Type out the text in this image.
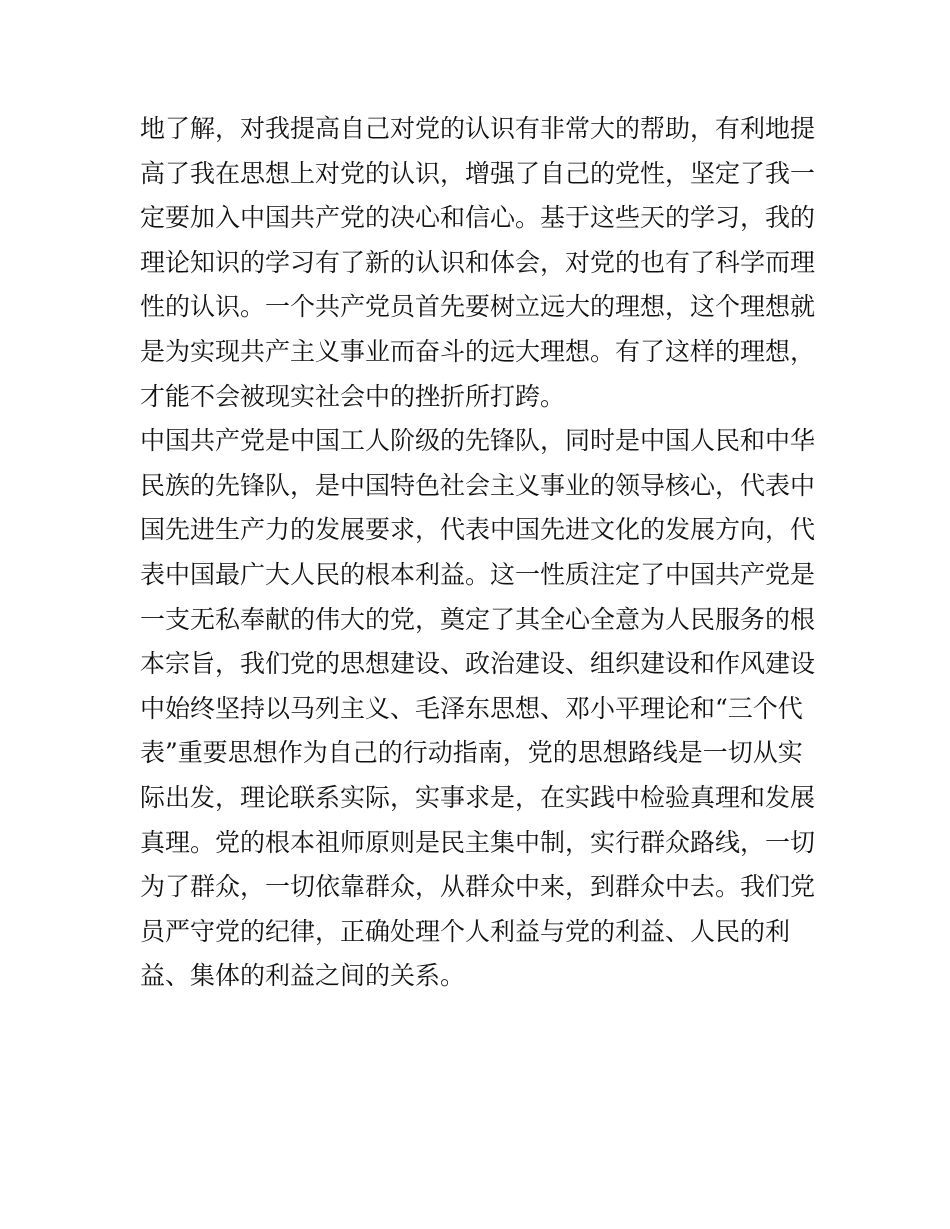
地了解，对我提高自己对党的认识有非常大的帮助，有利地提
高了我在思想上对党的认识，增强了自己的党性，坚定了我一
定要加入中国共产党的决心和信心。基于这些天的学习，我的
理论知识的学习有了新的认识和体会，对党的也有了科学而理
性的认识。一个共产党员首先要树立远大的理想，这个理想就
是为实现共产主义事业而奋斗的远大理想。有了这样的理想，
才能不会被现实社会中的挫折所打跨。
中国共产党是中国工人阶级的先锋队，同时是中国人民和中华
民族的先锋队，是中国特色社会主义事业的领导核心，代表中
国先进生产力的发展要求，代表中国先进文化的发展方向，代
表中国最广大人民的根本利益。这一性质注定了中国共产党是
一支无私奉献的伟大的党，奠定了其全心全意为人民服务的根
本宗旨，我们党的思想建设、政治建设、组织建设和作风建设
中始终坚持以马列主义、毛泽东思想、邓小平理论和“三个代
表”重要思想作为自己的行动指南，党的思想路线是一切从实
际出发，理论联系实际，实事求是，在实践中检验真理和发展
真理。党的根本祖师原则是民主集中制，实行群众路线，一切
为了群众，一切依靠群众，从群众中来，到群众中去。我们党
员严守党的纪律，正确处理个人利益与党的利益、人民的利
益、集体的利益之间的关系。
